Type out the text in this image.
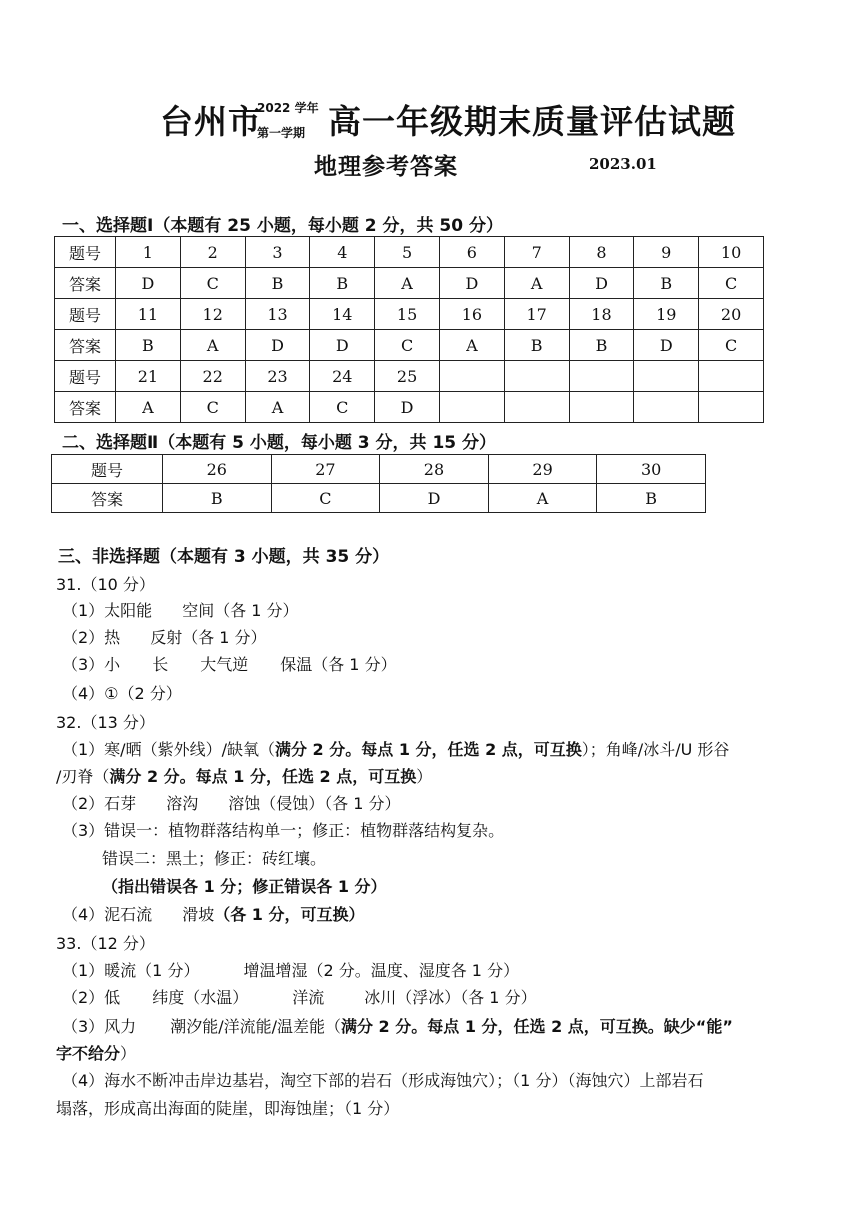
台州市
2022 学年
第一学期 高一年级期末质量评估试题
地理参考答案	2023.01
一、选择题Ⅰ（本题有 25 小题，每小题 2 分，共 50 分）
题号	1	2	3	4	5	6	7	8	9	10
答案	D	C	B	B	A	D	A	D	B	C
题号	11	12	13	14	15	16	17	18	19	20
答案	B	A	D	D	C	A	B	B	D	C
题号	21	22	23	24	25					
答案	A	C	A	C	D					
二、选择题Ⅱ（本题有 5 小题，每小题 3 分，共 15 分）
题号	26	27	28	29	30
答案	B	C	D	A	B
三、非选择题（本题有 3 小题，共 35 分）
31.（10 分）
（1）太阳能 空间（各 1 分）
（2）热 反射（各 1 分）
（3）小 长 大气逆 保温（各 1 分）
（4）①（2 分）
32.（13 分）
（1）寒/晒（紫外线）/缺氧（满分 2 分。每点 1 分，任选 2 点，可互换）；角峰/冰斗/U 形谷
/刃脊（满分 2 分。每点 1 分，任选 2 点，可互换）
（2）石芽 溶沟 溶蚀（侵蚀）（各 1 分）
（3）错误一：植物群落结构单一；修正：植物群落结构复杂。
错误二：黑土；修正：砖红壤。
（指出错误各 1 分；修正错误各 1 分）
（4）泥石流 滑坡（各 1 分，可互换）
33.（12 分）
（1）暖流（1 分）	增温增湿（2 分。温度、湿度各 1 分）
（2）低 纬度（水温）	洋流	冰川（浮冰）（各 1 分）
（3）风力 潮汐能/洋流能/温差能（满分 2 分。每点 1 分，任选 2 点，可互换。缺少“能”
字不给分）
（4）海水不断冲击岸边基岩，淘空下部的岩石（形成海蚀穴）；（1 分）（海蚀穴）上部岩石
塌落，形成高出海面的陡崖，即海蚀崖；（1 分）
